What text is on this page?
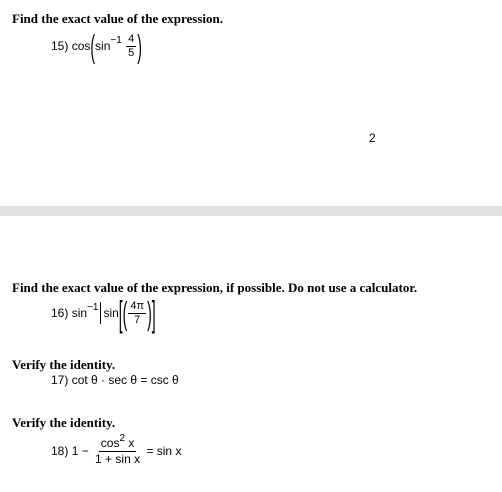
Find the exact value of the expression.
15)
cos ( sin −1
$\frac{4}{5}$ )
2
Find the exact value of the expression, if possible. Do not use a calculator.
16)
sin −1 sin [ ( $\frac{4\pi}{7}$ ) ]
Verify the identity.
17)
cot θ · sec θ = csc θ
Verify the identity.
18)
1 −
$\frac{\cos^2 x}{\text{1 + sin x}}$
= sin x
